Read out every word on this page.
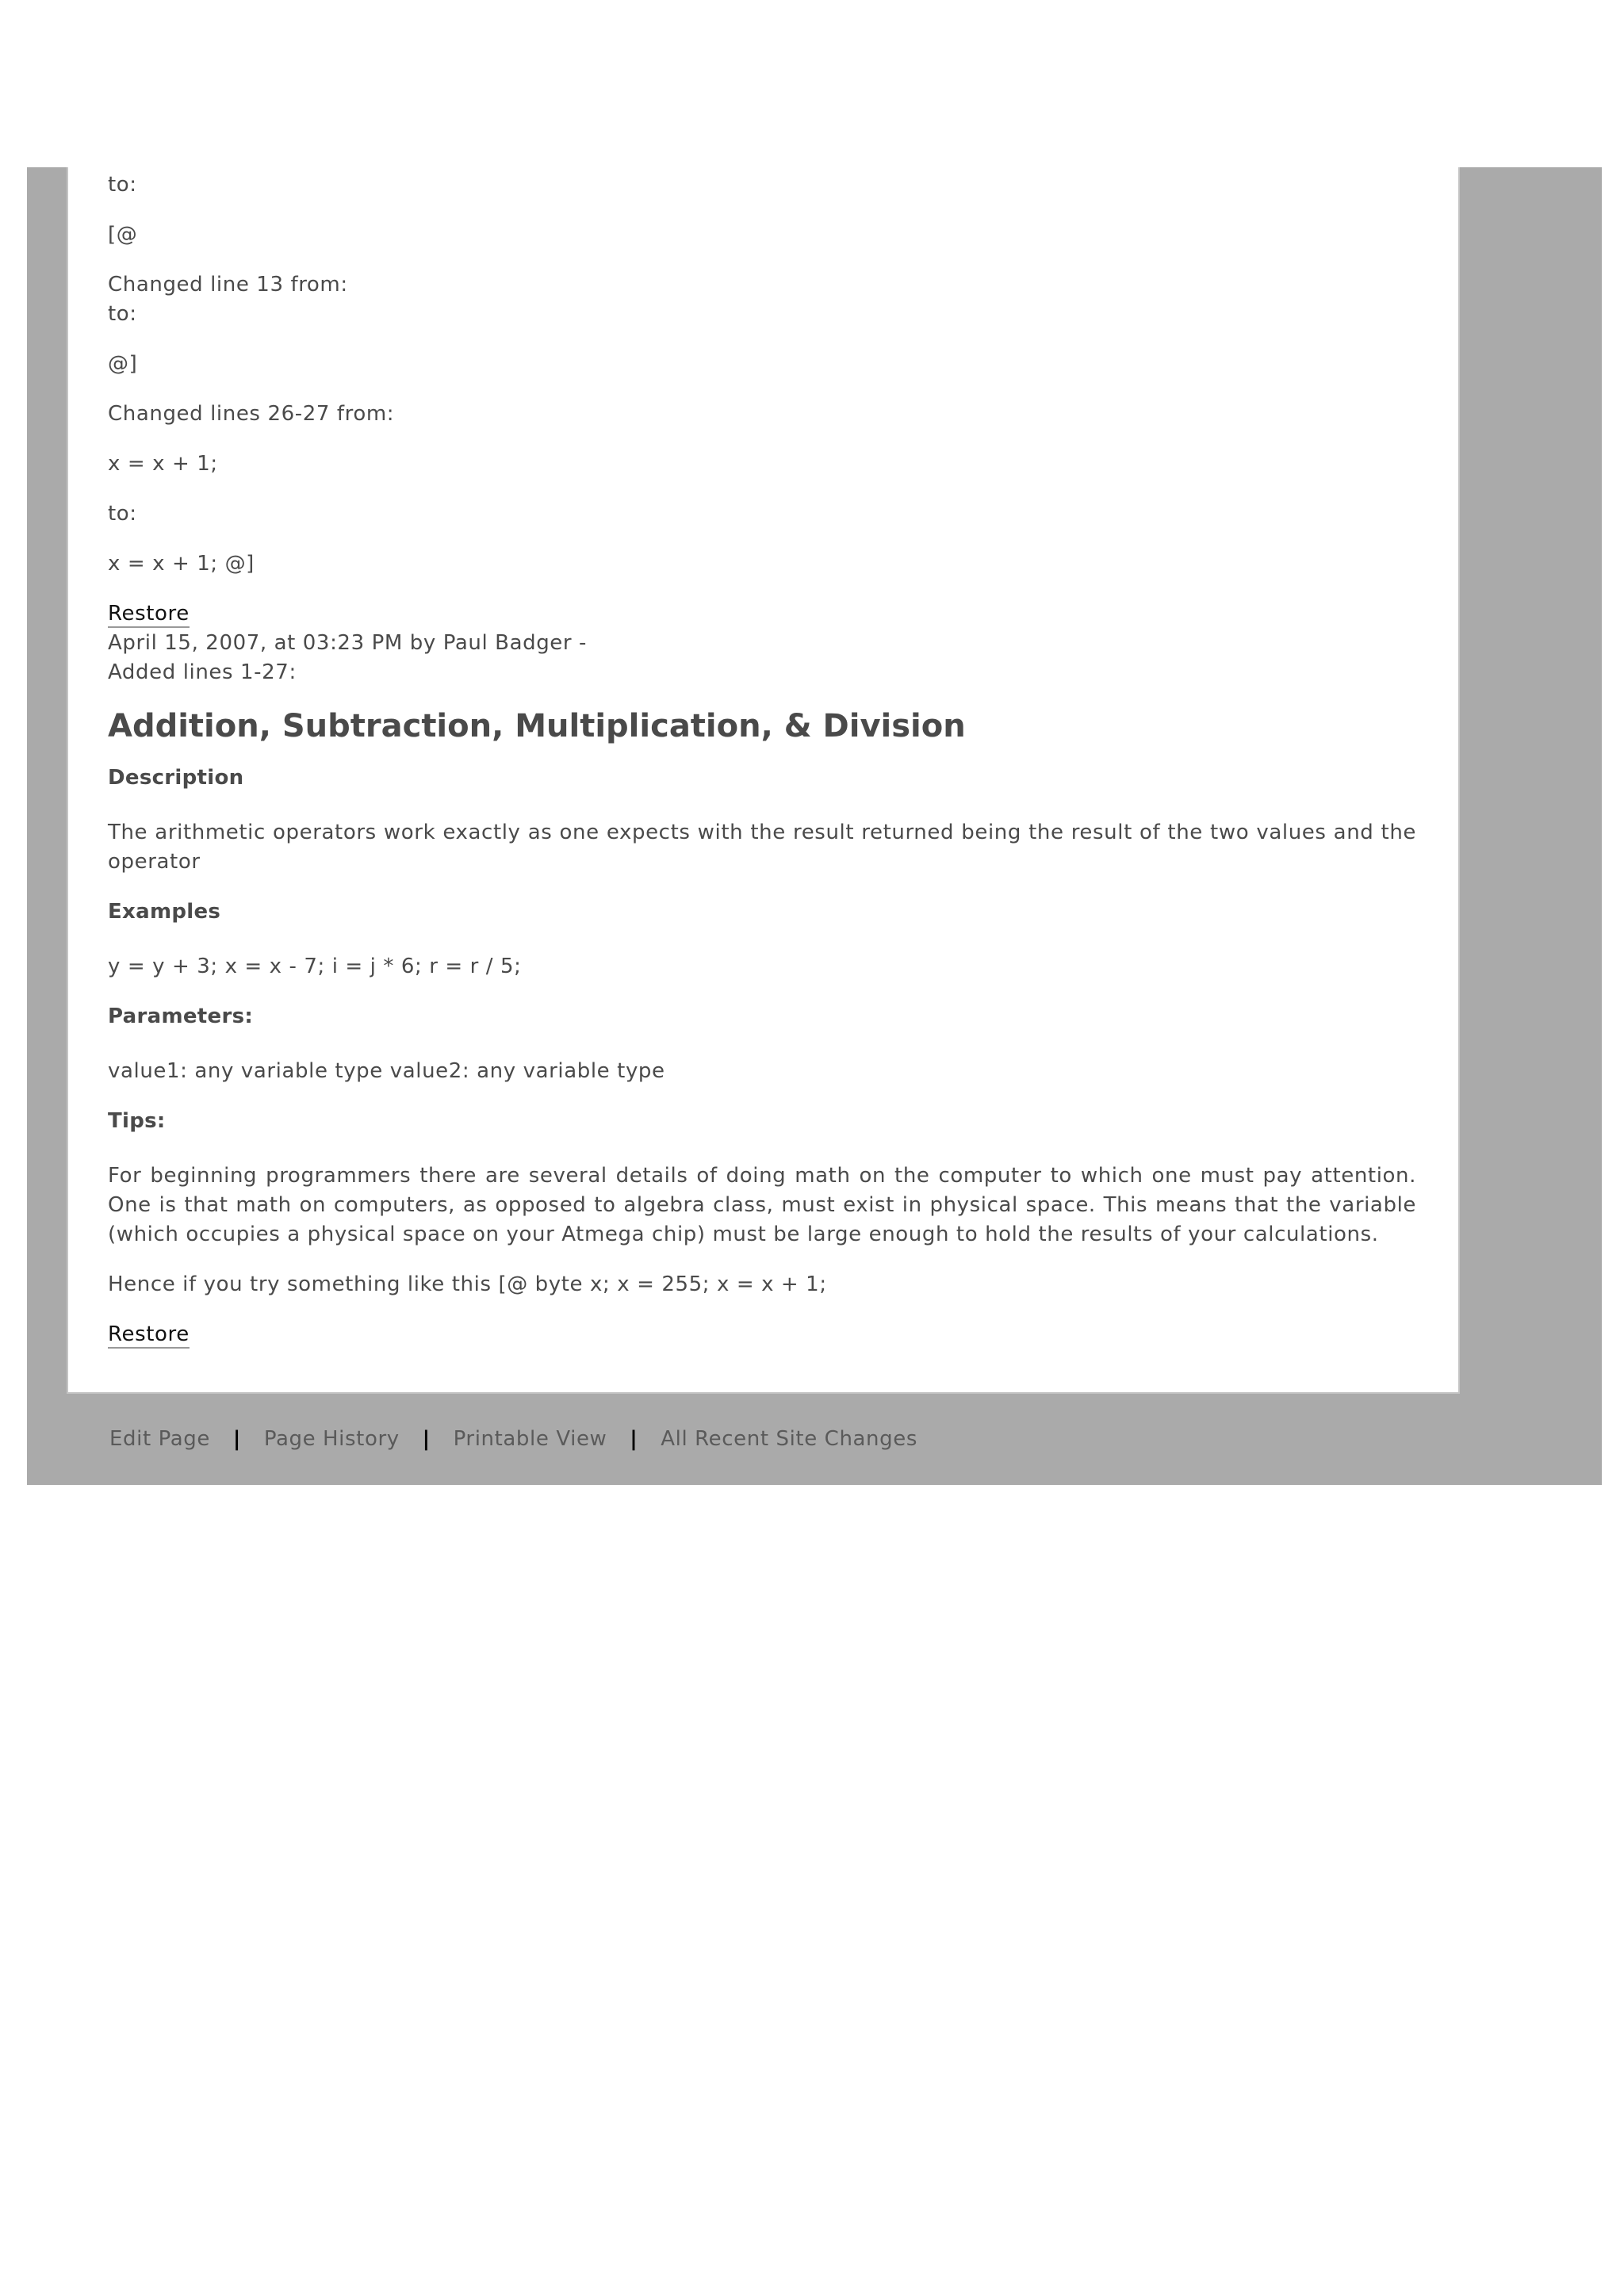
to:

[@

Changed line 13 from:
to:

@]

Changed lines 26-27 from:

x = x + 1;

to:

x = x + 1; @]

Restore
April 15, 2007, at 03:23 PM by Paul Badger -
Added lines 1-27:
Addition, Subtraction, Multiplication, & Division

Description

The arithmetic operators work exactly as one expects with the result returned being the result of the two values and the operator

Examples

y = y + 3; x = x - 7; i = j * 6; r = r / 5;

Parameters:

value1: any variable type value2: any variable type

Tips:

For beginning programmers there are several details of doing math on the computer to which one must pay attention. One is that math on computers, as opposed to algebra class, must exist in physical space. This means that the variable (which occupies a physical space on your Atmega chip) must be large enough to hold the results of your calculations.

Hence if you try something like this [@ byte x; x = 255; x = x + 1;

Restore
Edit Page | Page History | Printable View | All Recent Site Changes
